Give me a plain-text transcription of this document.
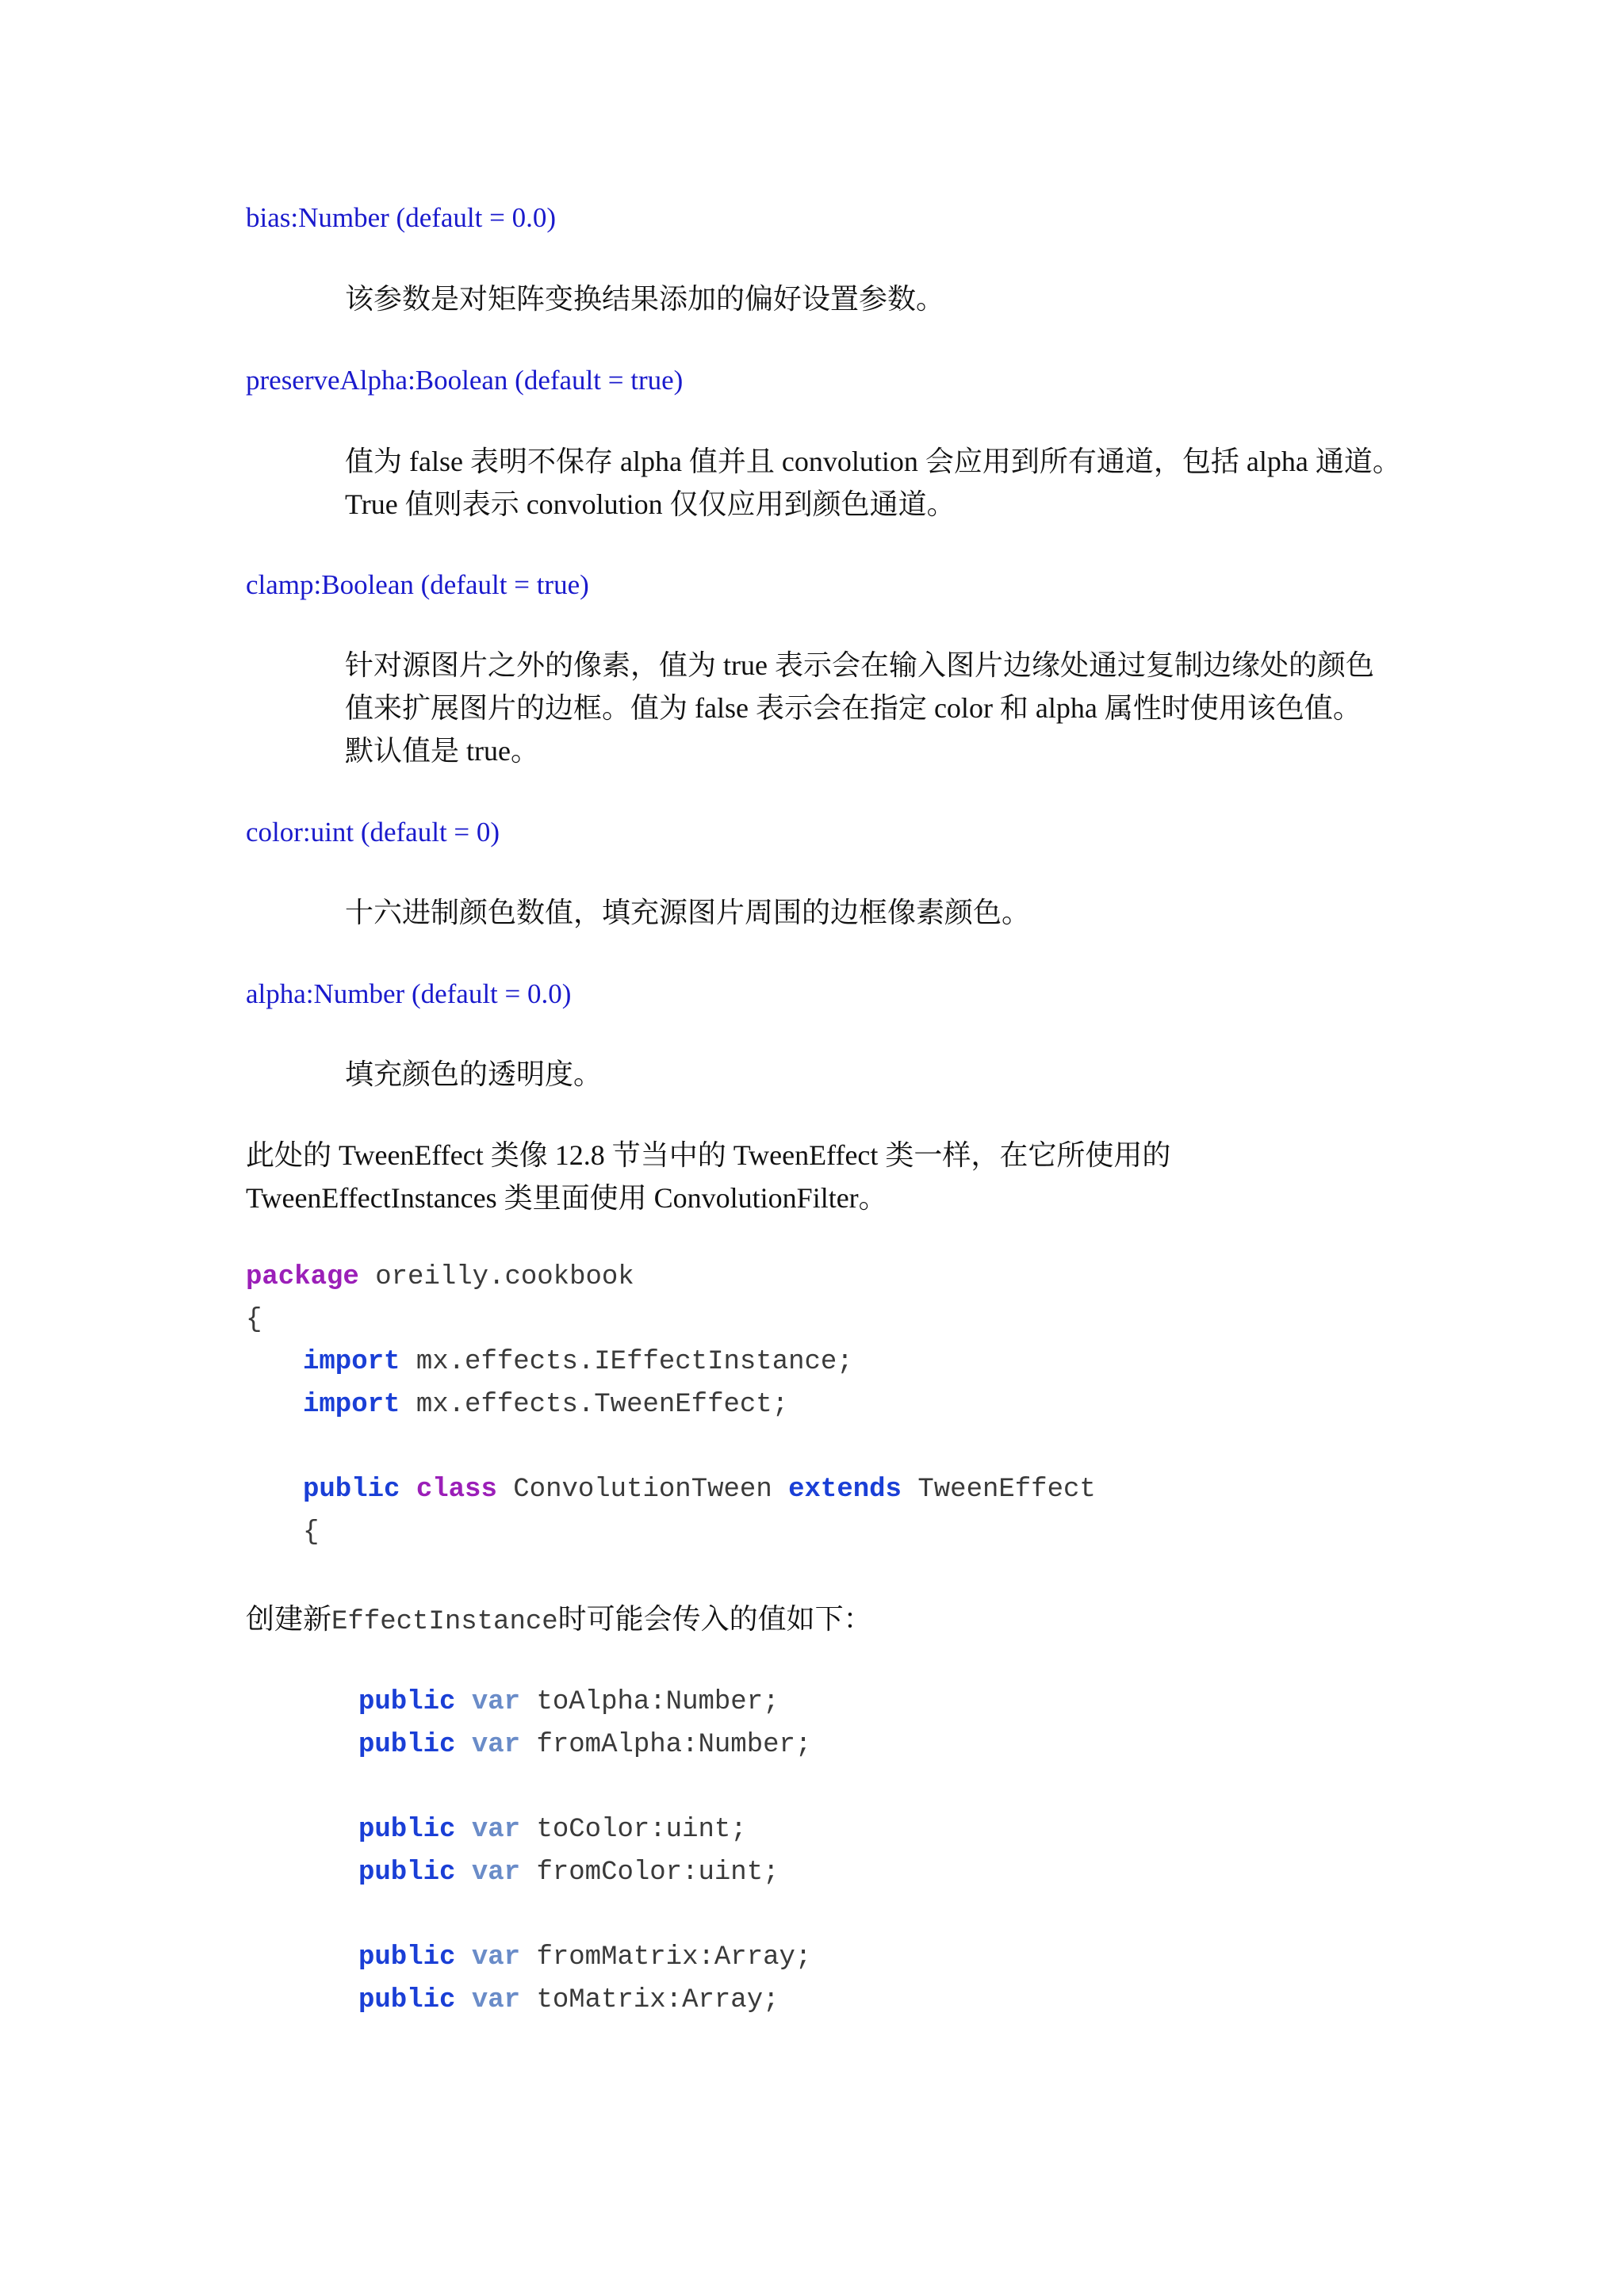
bias:Number (default = 0.0)
该参数是对矩阵变换结果添加的偏好设置参数。
preserveAlpha:Boolean (default = true)
值为 false 表明不保存 alpha 值并且 convolution 会应用到所有通道，包括 alpha 通道。
True 值则表示 convolution 仅仅应用到颜色通道。
clamp:Boolean (default = true)
针对源图片之外的像素，值为 true 表示会在输入图片边缘处通过复制边缘处的颜色
值来扩展图片的边框。值为 false 表示会在指定 color 和 alpha 属性时使用该色值。
默认值是 true。
color:uint (default = 0)
十六进制颜色数值，填充源图片周围的边框像素颜色。
alpha:Number (default = 0.0)
填充颜色的透明度。
此处的 TweenEffect 类像 12.8 节当中的 TweenEffect 类一样，在它所使用的
TweenEffectInstances 类里面使用 ConvolutionFilter。
package oreilly.cookbook
{
import mx.effects.IEffectInstance;
import mx.effects.TweenEffect;
public class ConvolutionTween extends TweenEffect
{
创建新EffectInstance时可能会传入的值如下：
public var toAlpha:Number;
public var fromAlpha:Number;
public var toColor:uint;
public var fromColor:uint;
public var fromMatrix:Array;
public var toMatrix:Array;
